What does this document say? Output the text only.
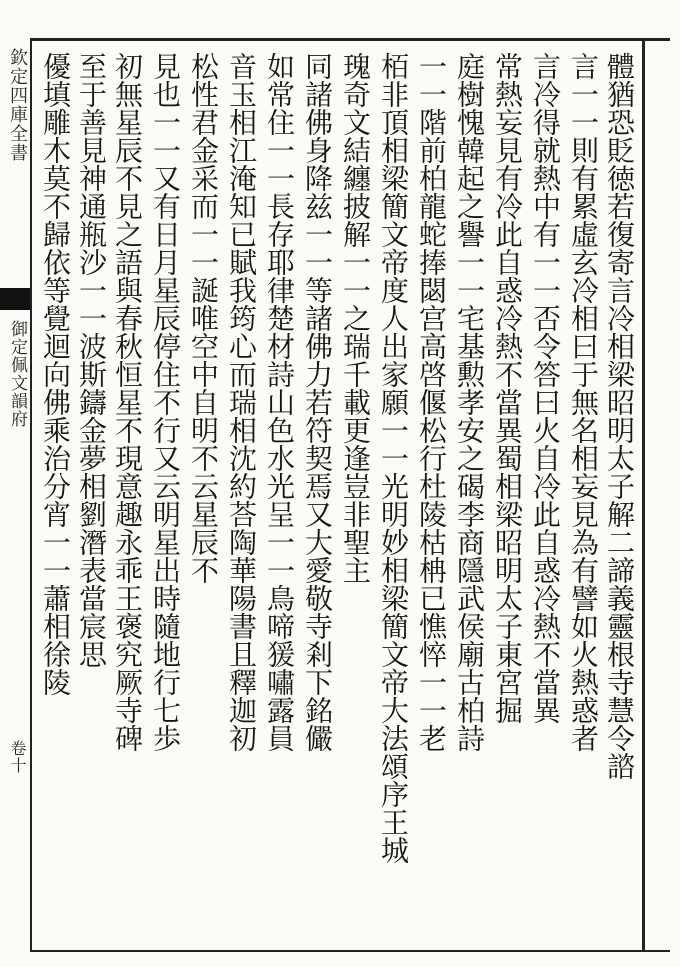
欽定四庫全書
御定佩文韻府
卷十	體猶恐貶徳若復寄言冷相梁昭明太子解二諦義靈根寺慧令諮
言一一則有累虛玄冷相曰于無名相妄見為有譬如火熱惑者
言冷得就熱中有一一否令答曰火自冷此自惑冷熱不當異
常熱妄見有冷此自惑冷熱不當異蜀相梁昭明太子東宮掘
庭樹愧韓起之譽一一宅基勲孝安之碣李商隱武侯廟古柏詩
一一階前柏龍蛇捧閟宫高啓偃松行杜陵枯柟已憔悴一一老
栢非頂相梁簡文帝度人出家願一一光明妙相梁簡文帝大法頌序王城
瑰奇文結纏披解一一之瑞千載更逢豈非聖主
同諸佛身降兹一一等諸佛力若符契焉又大愛敬寺剎下銘儼
如常住一一長存耶律楚材詩山色水光呈一一鳥啼猨嘯露員
音玉相江淹知已賦我筠心而瑞相沈約荅陶華陽書且釋迦初
松性君金采而一一誕唯空中自明不云星辰不
見也一一又有日月星辰停住不行又云明星出時隨地行七歩
初無星辰不見之語與春秋恒星不現意趣永乖王褒究厥寺碑
至于善見神通瓶沙一一波斯鑄金夢相劉潛表當宸思
優填雕木莫不歸依等覺迴向佛乘治分宵一一蕭相徐陵
